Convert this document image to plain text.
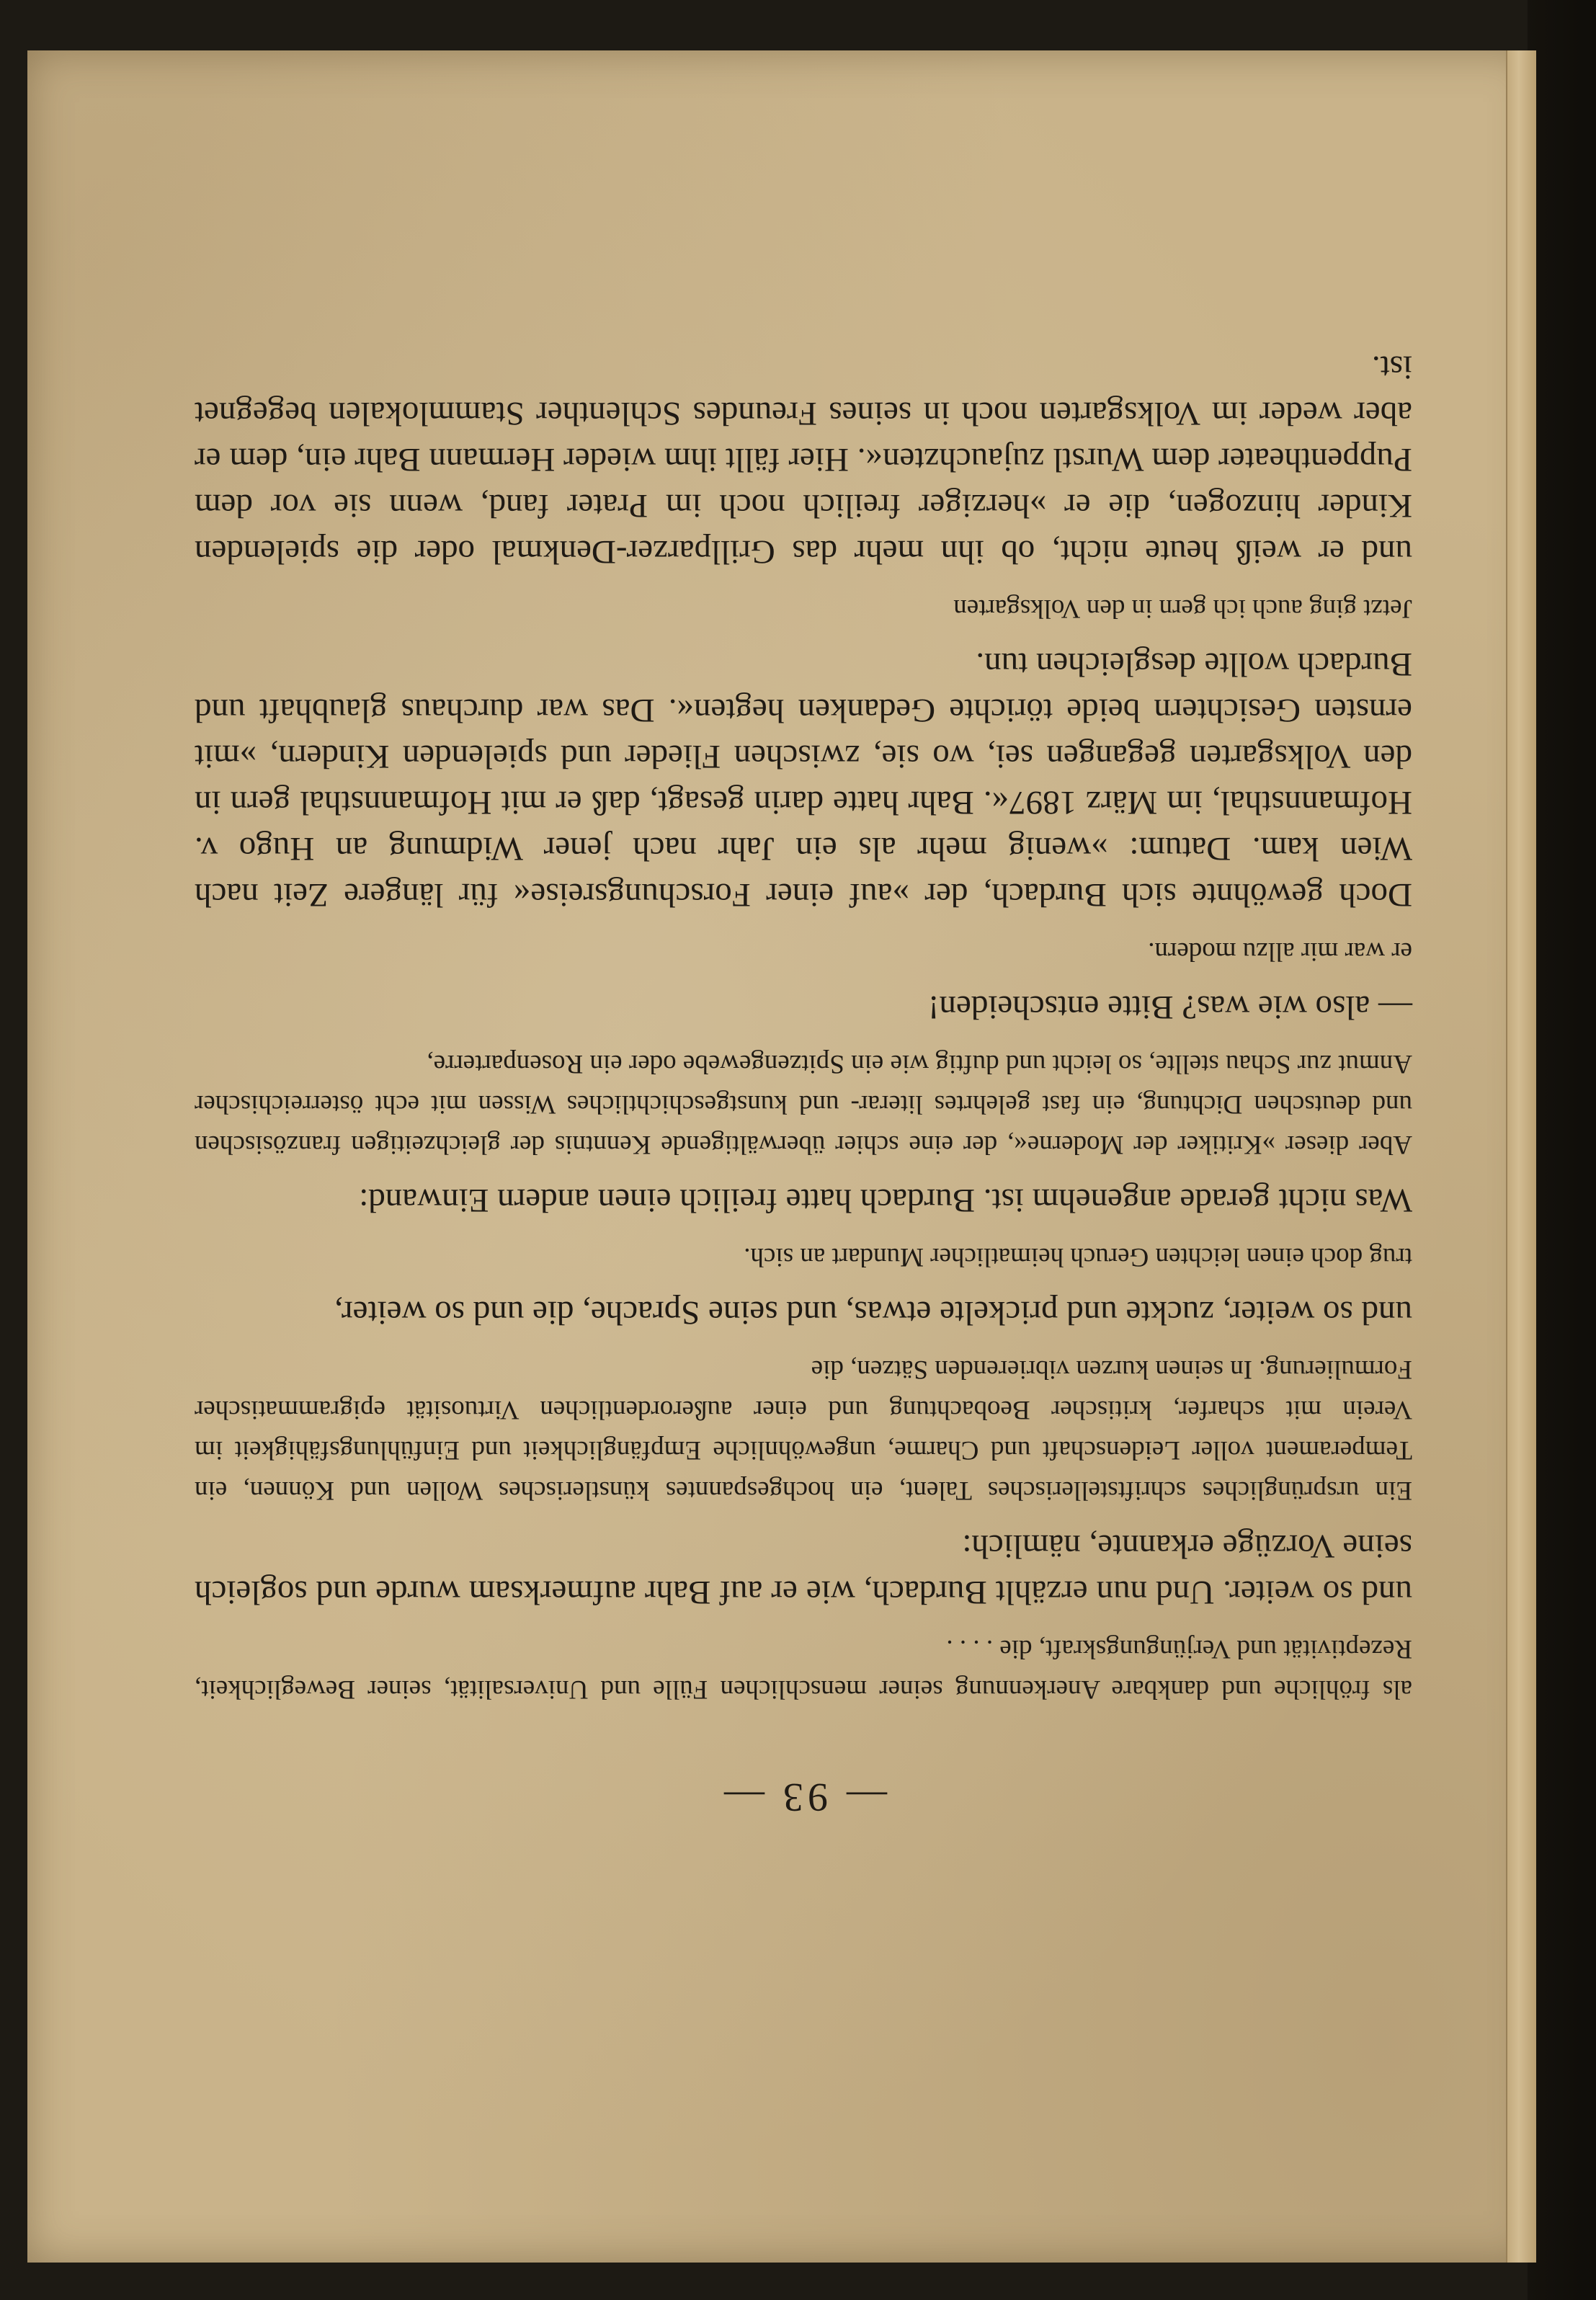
— 93 —

als fröhliche und dankbare Anerkennung seiner menschlichen Fülle und Universalität, seiner Beweglichkeit, Rezeptivität und Verjüngungskraft, die . . . .

und so weiter. Und nun erzählt Burdach, wie er auf Bahr aufmerksam wurde und sogleich seine Vorzüge erkannte, nämlich:

Ein ursprüngliches schriftstellerisches Talent, ein hochgespanntes künstlerisches Wollen und Können, ein Temperament voller Leidenschaft und Charme, ungewöhnliche Empfänglichkeit und Einfühlungsfähigkeit im Verein mit scharfer, kritischer Beobachtung und einer außerordentlichen Virtuosität epigrammatischer Formulierung. In seinen kurzen vibrierenden Sätzen, die

und so weiter, zuckte und prickelte etwas, und seine Sprache, die und so weiter,

trug doch einen leichten Geruch heimatlicher Mundart an sich.

Was nicht gerade angenehm ist. Burdach hatte freilich einen andern Einwand:

Aber dieser »Kritiker der Moderne«, der eine schier überwältigende Kenntnis der gleichzeitigen französischen und deutschen Dichtung, ein fast gelehrtes literar- und kunstgeschichtliches Wissen mit echt österreichischer Anmut zur Schau stellte, so leicht und duftig wie ein Spitzengewebe oder ein Rosenparterre,

— also wie was? Bitte entscheiden!

er war mir allzu modern.

Doch gewöhnte sich Burdach, der »auf einer Forschungsreise« für längere Zeit nach Wien kam. Datum: »wenig mehr als ein Jahr nach jener Widmung an Hugo v. Hofmannsthal, im März 1897«. Bahr hatte darin gesagt, daß er mit Hofmannsthal gern in den Volksgarten gegangen sei, wo sie, zwischen Flieder und spielenden Kindern, »mit ernsten Gesichtern beide törichte Gedanken hegten«. Das war durchaus glaubhaft und Burdach wollte desgleichen tun.

Jetzt ging auch ich gern in den Volksgarten

und er weiß heute nicht, ob ihn mehr das Grillparzer-Denkmal oder die spielenden Kinder hinzogen, die er »herziger freilich noch im Prater fand, wenn sie vor dem Puppentheater dem Wurstl zujauchzten«. Hier fällt ihm wieder Hermann Bahr ein, dem er aber weder im Volksgarten noch in seines Freundes Schlenther Stammlokalen begegnet ist.
